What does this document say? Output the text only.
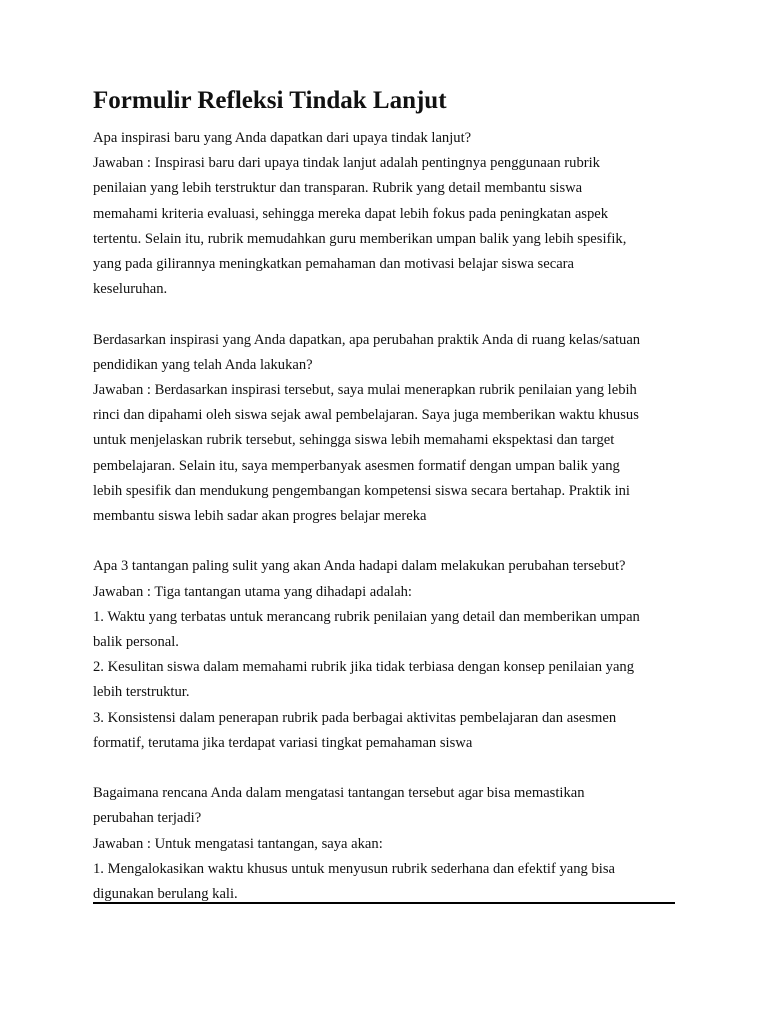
Formulir Refleksi Tindak Lanjut

Apa inspirasi baru yang Anda dapatkan dari upaya tindak lanjut?

Jawaban : Inspirasi baru dari upaya tindak lanjut adalah pentingnya penggunaan rubrik

penilaian yang lebih terstruktur dan transparan. Rubrik yang detail membantu siswa

memahami kriteria evaluasi, sehingga mereka dapat lebih fokus pada peningkatan aspek

tertentu. Selain itu, rubrik memudahkan guru memberikan umpan balik yang lebih spesifik,

yang pada gilirannya meningkatkan pemahaman dan motivasi belajar siswa secara

keseluruhan.

Berdasarkan inspirasi yang Anda dapatkan, apa perubahan praktik Anda di ruang kelas/satuan

pendidikan yang telah Anda lakukan?

Jawaban : Berdasarkan inspirasi tersebut, saya mulai menerapkan rubrik penilaian yang lebih

rinci dan dipahami oleh siswa sejak awal pembelajaran. Saya juga memberikan waktu khusus

untuk menjelaskan rubrik tersebut, sehingga siswa lebih memahami ekspektasi dan target

pembelajaran. Selain itu, saya memperbanyak asesmen formatif dengan umpan balik yang

lebih spesifik dan mendukung pengembangan kompetensi siswa secara bertahap. Praktik ini

membantu siswa lebih sadar akan progres belajar mereka

Apa 3 tantangan paling sulit yang akan Anda hadapi dalam melakukan perubahan tersebut?

Jawaban : Tiga tantangan utama yang dihadapi adalah:

1. Waktu yang terbatas untuk merancang rubrik penilaian yang detail dan memberikan umpan

balik personal.

2. Kesulitan siswa dalam memahami rubrik jika tidak terbiasa dengan konsep penilaian yang

lebih terstruktur.

3. Konsistensi dalam penerapan rubrik pada berbagai aktivitas pembelajaran dan asesmen

formatif, terutama jika terdapat variasi tingkat pemahaman siswa

Bagaimana rencana Anda dalam mengatasi tantangan tersebut agar bisa memastikan

perubahan terjadi?

Jawaban : Untuk mengatasi tantangan, saya akan:

1. Mengalokasikan waktu khusus untuk menyusun rubrik sederhana dan efektif yang bisa

digunakan berulang kali.
